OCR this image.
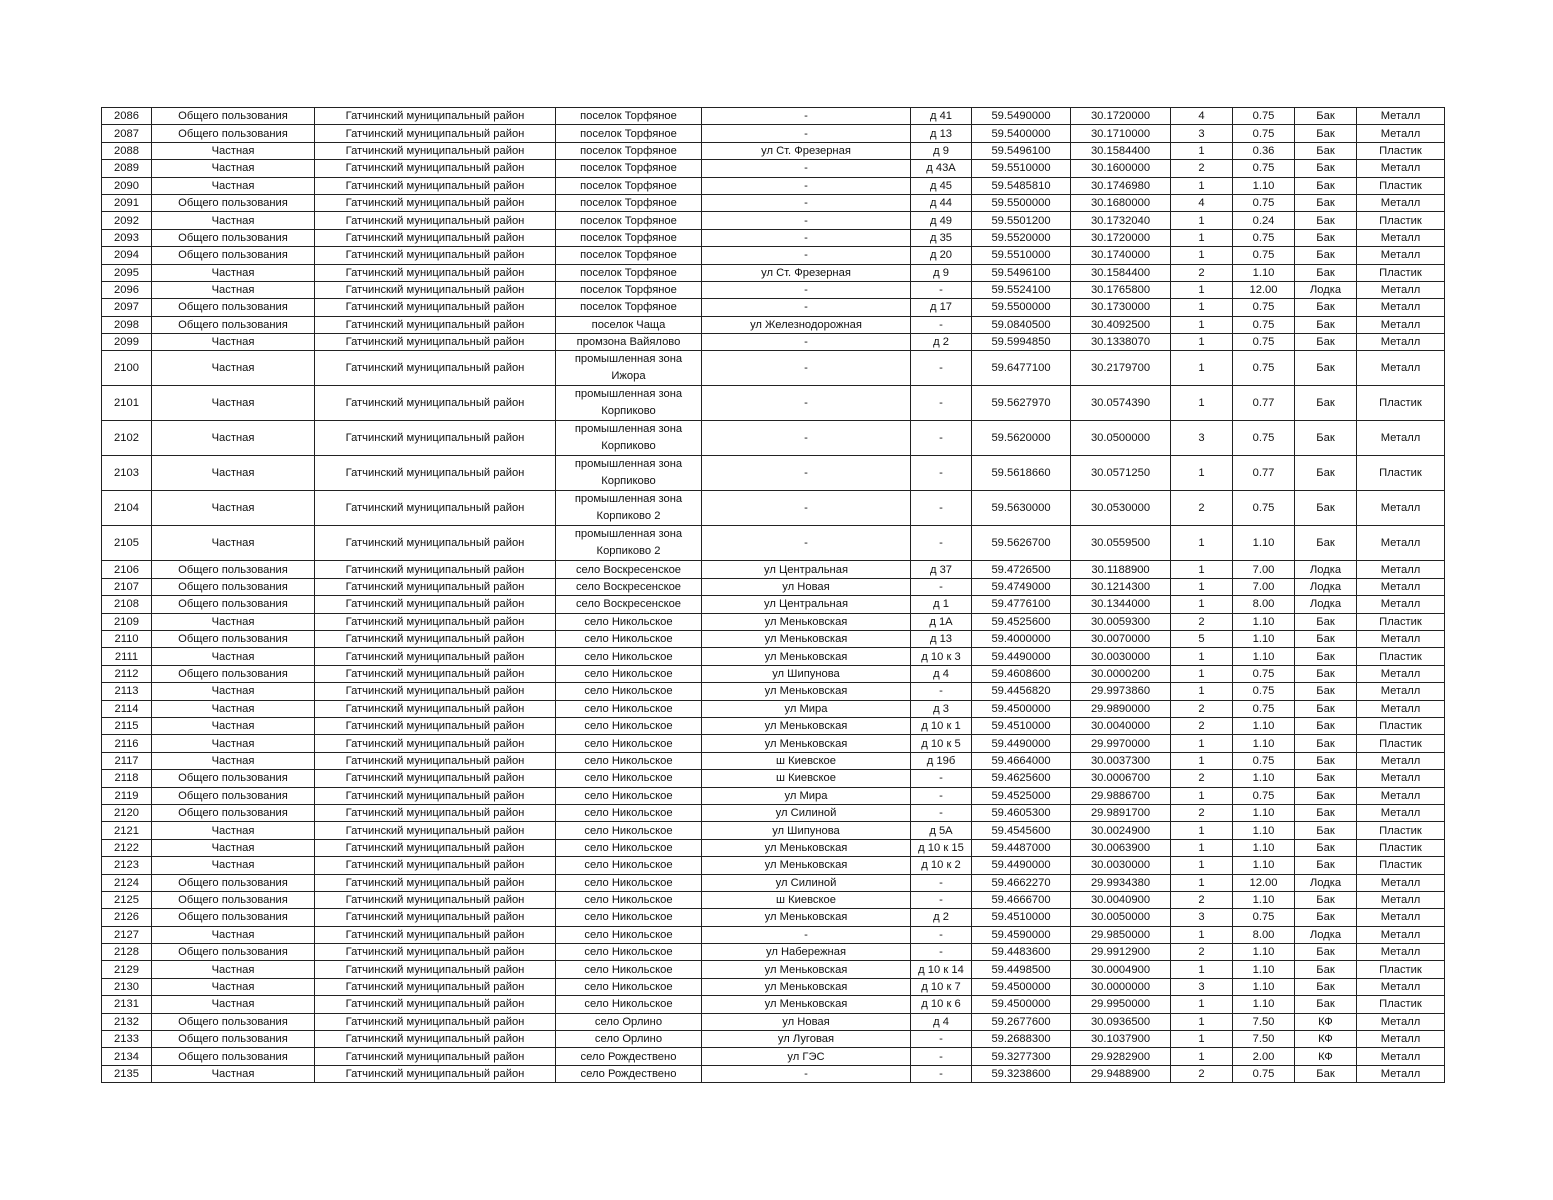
2086	Общего пользования	Гатчинский муниципальный район	поселок Торфяное	-	д 41	59.5490000	30.1720000	4	0.75	Бак	Металл
2087	Общего пользования	Гатчинский муниципальный район	поселок Торфяное	-	д 13	59.5400000	30.1710000	3	0.75	Бак	Металл
2088	Частная	Гатчинский муниципальный район	поселок Торфяное	ул Ст. Фрезерная	д 9	59.5496100	30.1584400	1	0.36	Бак	Пластик
2089	Частная	Гатчинский муниципальный район	поселок Торфяное	-	д 43А	59.5510000	30.1600000	2	0.75	Бак	Металл
2090	Частная	Гатчинский муниципальный район	поселок Торфяное	-	д 45	59.5485810	30.1746980	1	1.10	Бак	Пластик
2091	Общего пользования	Гатчинский муниципальный район	поселок Торфяное	-	д 44	59.5500000	30.1680000	4	0.75	Бак	Металл
2092	Частная	Гатчинский муниципальный район	поселок Торфяное	-	д 49	59.5501200	30.1732040	1	0.24	Бак	Пластик
2093	Общего пользования	Гатчинский муниципальный район	поселок Торфяное	-	д 35	59.5520000	30.1720000	1	0.75	Бак	Металл
2094	Общего пользования	Гатчинский муниципальный район	поселок Торфяное	-	д 20	59.5510000	30.1740000	1	0.75	Бак	Металл
2095	Частная	Гатчинский муниципальный район	поселок Торфяное	ул Ст. Фрезерная	д 9	59.5496100	30.1584400	2	1.10	Бак	Пластик
2096	Частная	Гатчинский муниципальный район	поселок Торфяное	-	-	59.5524100	30.1765800	1	12.00	Лодка	Металл
2097	Общего пользования	Гатчинский муниципальный район	поселок Торфяное	-	д 17	59.5500000	30.1730000	1	0.75	Бак	Металл
2098	Общего пользования	Гатчинский муниципальный район	поселок Чаща	ул Железнодорожная	-	59.0840500	30.4092500	1	0.75	Бак	Металл
2099	Частная	Гатчинский муниципальный район	промзона Вайялово	-	д 2	59.5994850	30.1338070	1	0.75	Бак	Металл
2100	Частная	Гатчинский муниципальный район	промышленная зона Ижора	-	-	59.6477100	30.2179700	1	0.75	Бак	Металл
2101	Частная	Гатчинский муниципальный район	промышленная зона Корпиково	-	-	59.5627970	30.0574390	1	0.77	Бак	Пластик
2102	Частная	Гатчинский муниципальный район	промышленная зона Корпиково	-	-	59.5620000	30.0500000	3	0.75	Бак	Металл
2103	Частная	Гатчинский муниципальный район	промышленная зона Корпиково	-	-	59.5618660	30.0571250	1	0.77	Бак	Пластик
2104	Частная	Гатчинский муниципальный район	промышленная зона Корпиково 2	-	-	59.5630000	30.0530000	2	0.75	Бак	Металл
2105	Частная	Гатчинский муниципальный район	промышленная зона Корпиково 2	-	-	59.5626700	30.0559500	1	1.10	Бак	Металл
2106	Общего пользования	Гатчинский муниципальный район	село Воскресенское	ул Центральная	д 37	59.4726500	30.1188900	1	7.00	Лодка	Металл
2107	Общего пользования	Гатчинский муниципальный район	село Воскресенское	ул Новая	-	59.4749000	30.1214300	1	7.00	Лодка	Металл
2108	Общего пользования	Гатчинский муниципальный район	село Воскресенское	ул Центральная	д 1	59.4776100	30.1344000	1	8.00	Лодка	Металл
2109	Частная	Гатчинский муниципальный район	село Никольское	ул Меньковская	д 1А	59.4525600	30.0059300	2	1.10	Бак	Пластик
2110	Общего пользования	Гатчинский муниципальный район	село Никольское	ул Меньковская	д 13	59.4000000	30.0070000	5	1.10	Бак	Металл
2111	Частная	Гатчинский муниципальный район	село Никольское	ул Меньковская	д 10 к 3	59.4490000	30.0030000	1	1.10	Бак	Пластик
2112	Общего пользования	Гатчинский муниципальный район	село Никольское	ул Шипунова	д 4	59.4608600	30.0000200	1	0.75	Бак	Металл
2113	Частная	Гатчинский муниципальный район	село Никольское	ул Меньковская	-	59.4456820	29.9973860	1	0.75	Бак	Металл
2114	Частная	Гатчинский муниципальный район	село Никольское	ул Мира	д 3	59.4500000	29.9890000	2	0.75	Бак	Металл
2115	Частная	Гатчинский муниципальный район	село Никольское	ул Меньковская	д 10 к 1	59.4510000	30.0040000	2	1.10	Бак	Пластик
2116	Частная	Гатчинский муниципальный район	село Никольское	ул Меньковская	д 10 к 5	59.4490000	29.9970000	1	1.10	Бак	Пластик
2117	Частная	Гатчинский муниципальный район	село Никольское	ш Киевское	д 19б	59.4664000	30.0037300	1	0.75	Бак	Металл
2118	Общего пользования	Гатчинский муниципальный район	село Никольское	ш Киевское	-	59.4625600	30.0006700	2	1.10	Бак	Металл
2119	Общего пользования	Гатчинский муниципальный район	село Никольское	ул Мира	-	59.4525000	29.9886700	1	0.75	Бак	Металл
2120	Общего пользования	Гатчинский муниципальный район	село Никольское	ул Силиной	-	59.4605300	29.9891700	2	1.10	Бак	Металл
2121	Частная	Гатчинский муниципальный район	село Никольское	ул Шипунова	д 5А	59.4545600	30.0024900	1	1.10	Бак	Пластик
2122	Частная	Гатчинский муниципальный район	село Никольское	ул Меньковская	д 10 к 15	59.4487000	30.0063900	1	1.10	Бак	Пластик
2123	Частная	Гатчинский муниципальный район	село Никольское	ул Меньковская	д 10 к 2	59.4490000	30.0030000	1	1.10	Бак	Пластик
2124	Общего пользования	Гатчинский муниципальный район	село Никольское	ул Силиной	-	59.4662270	29.9934380	1	12.00	Лодка	Металл
2125	Общего пользования	Гатчинский муниципальный район	село Никольское	ш Киевское	-	59.4666700	30.0040900	2	1.10	Бак	Металл
2126	Общего пользования	Гатчинский муниципальный район	село Никольское	ул Меньковская	д 2	59.4510000	30.0050000	3	0.75	Бак	Металл
2127	Частная	Гатчинский муниципальный район	село Никольское	-	-	59.4590000	29.9850000	1	8.00	Лодка	Металл
2128	Общего пользования	Гатчинский муниципальный район	село Никольское	ул Набережная	-	59.4483600	29.9912900	2	1.10	Бак	Металл
2129	Частная	Гатчинский муниципальный район	село Никольское	ул Меньковская	д 10 к 14	59.4498500	30.0004900	1	1.10	Бак	Пластик
2130	Частная	Гатчинский муниципальный район	село Никольское	ул Меньковская	д 10 к 7	59.4500000	30.0000000	3	1.10	Бак	Металл
2131	Частная	Гатчинский муниципальный район	село Никольское	ул Меньковская	д 10 к 6	59.4500000	29.9950000	1	1.10	Бак	Пластик
2132	Общего пользования	Гатчинский муниципальный район	село Орлино	ул Новая	д 4	59.2677600	30.0936500	1	7.50	КФ	Металл
2133	Общего пользования	Гатчинский муниципальный район	село Орлино	ул Луговая	-	59.2688300	30.1037900	1	7.50	КФ	Металл
2134	Общего пользования	Гатчинский муниципальный район	село Рождествено	ул ГЭС	-	59.3277300	29.9282900	1	2.00	КФ	Металл
2135	Частная	Гатчинский муниципальный район	село Рождествено	-	-	59.3238600	29.9488900	2	0.75	Бак	Металл
